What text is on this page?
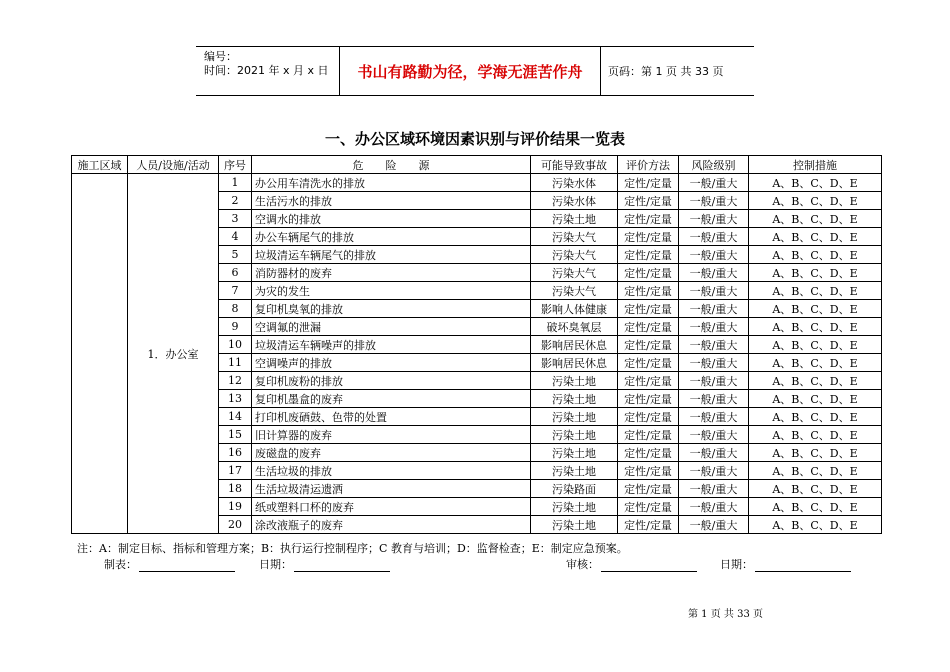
编号：
时间：2021 年 x 月 x 日	书山有路勤为径，学海无涯苦作舟	页码：第 1 页 共 33 页
一、办公区域环境因素识别与评价结果一览表
施工区域	人员/设施/活动	序号	危　　险　　源	可能导致事故	评价方法	风险级别	控制措施
	1．办公室	1	办公用车清洗水的排放	污染水体	定性/定量	一般/重大	A、B、C、D、E
		2	生活污水的排放	污染水体	定性/定量	一般/重大	A、B、C、D、E
		3	空调水的排放	污染土地	定性/定量	一般/重大	A、B、C、D、E
		4	办公车辆尾气的排放	污染大气	定性/定量	一般/重大	A、B、C、D、E
		5	垃圾清运车辆尾气的排放	污染大气	定性/定量	一般/重大	A、B、C、D、E
		6	消防器材的废弃	污染大气	定性/定量	一般/重大	A、B、C、D、E
		7	为灾的发生	污染大气	定性/定量	一般/重大	A、B、C、D、E
		8	复印机臭氧的排放	影响人体健康	定性/定量	一般/重大	A、B、C、D、E
		9	空调氟的泄漏	破坏臭氧层	定性/定量	一般/重大	A、B、C、D、E
		10	垃圾清运车辆噪声的排放	影响居民休息	定性/定量	一般/重大	A、B、C、D、E
		11	空调噪声的排放	影响居民休息	定性/定量	一般/重大	A、B、C、D、E
		12	复印机废粉的排放	污染土地	定性/定量	一般/重大	A、B、C、D、E
		13	复印机墨盒的废弃	污染土地	定性/定量	一般/重大	A、B、C、D、E
		14	打印机废硒鼓、色带的处置	污染土地	定性/定量	一般/重大	A、B、C、D、E
		15	旧计算器的废弃	污染土地	定性/定量	一般/重大	A、B、C、D、E
		16	废磁盘的废弃	污染土地	定性/定量	一般/重大	A、B、C、D、E
		17	生活垃圾的排放	污染土地	定性/定量	一般/重大	A、B、C、D、E
		18	生活垃圾清运遗洒	污染路面	定性/定量	一般/重大	A、B、C、D、E
		19	纸或塑料口杯的废弃	污染土地	定性/定量	一般/重大	A、B、C、D、E
		20	涂改液瓶子的废弃	污染土地	定性/定量	一般/重大	A、B、C、D、E
注：A：制定目标、指标和管理方案；B：执行运行控制程序；C 教育与培训；D：监督检查；E：制定应急预案。
制表：	日期：	审核：	日期：
第 1 页 共 33 页
